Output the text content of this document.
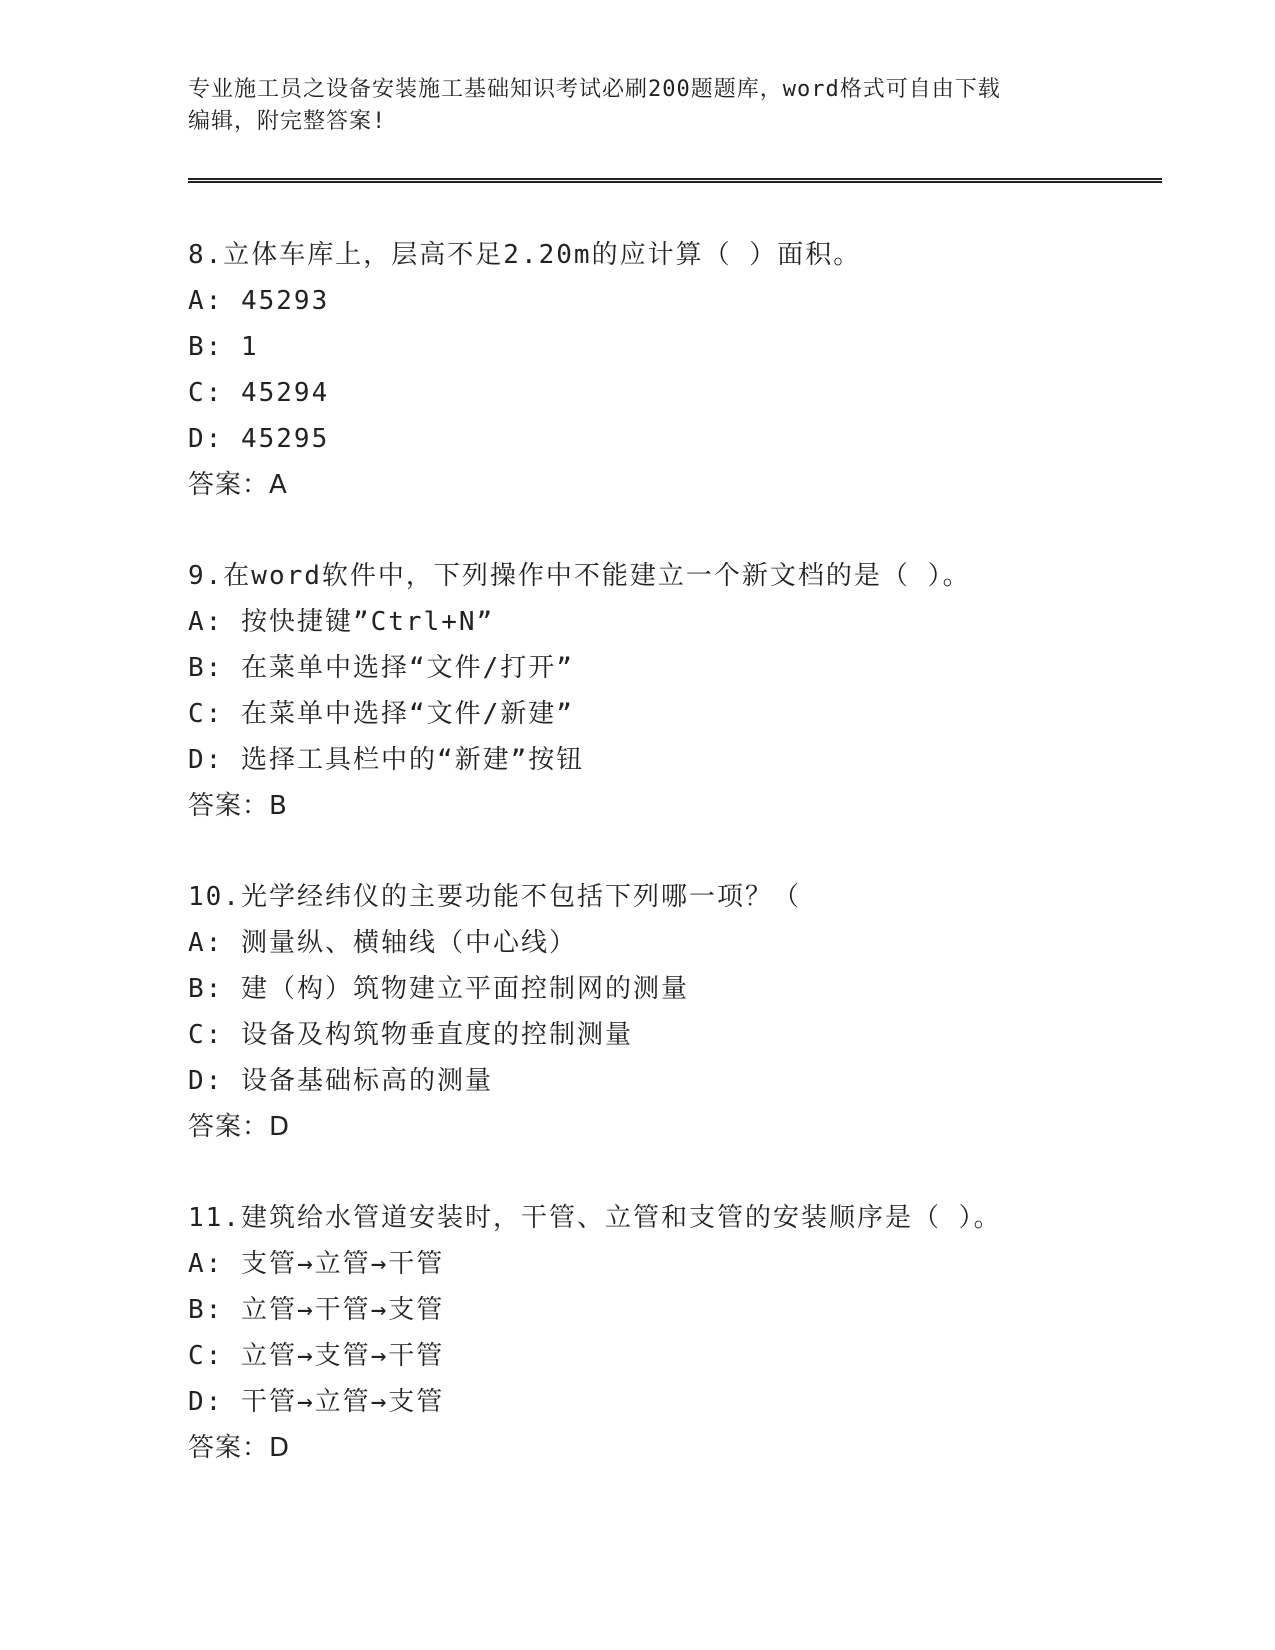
专业施工员之设备安装施工基础知识考试必刷200题题库，word格式可自由下载
编辑，附完整答案!
8.立体车库上，层高不足2.20m的应计算（ ）面积。
A: 45293
B: 1
C: 45294
D: 45295
答案：A
9.在word软件中，下列操作中不能建立一个新文档的是（ ）。
A: 按快捷键”Ctrl+N”
B: 在菜单中选择“文件/打开”
C: 在菜单中选择“文件/新建”
D: 选择工具栏中的“新建”按钮
答案：B
10.光学经纬仪的主要功能不包括下列哪一项？（
A: 测量纵、横轴线（中心线）
B: 建（构）筑物建立平面控制网的测量
C: 设备及构筑物垂直度的控制测量
D: 设备基础标高的测量
答案：D
11.建筑给水管道安装时，干管、立管和支管的安装顺序是（ ）。
A: 支管→立管→干管
B: 立管→干管→支管
C: 立管→支管→干管
D: 干管→立管→支管
答案：D
